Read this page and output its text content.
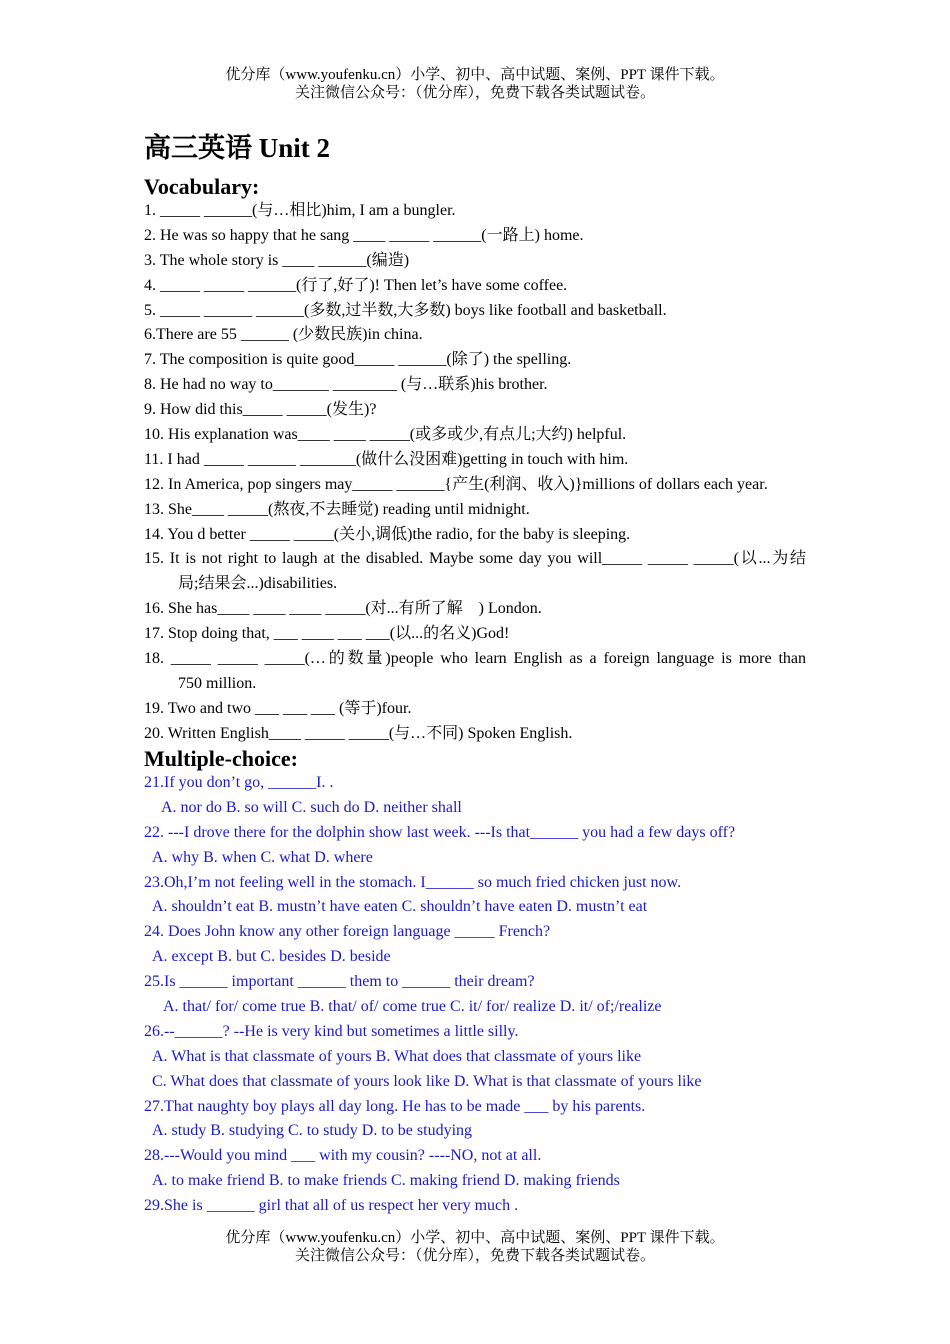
优分库（www.youfenku.cn）小学、初中、高中试题、案例、PPT 课件下载。
关注微信公众号：（优分库），免费下载各类试题试卷。
高三英语 Unit 2
Vocabulary:
1. _____ ______(与…相比)him, I am a bungler.
2. He was so happy that he sang ____ _____ ______(一路上) home.
3. The whole story is ____ ______(编造)
4. _____ _____ ______(行了,好了)! Then let’s have some coffee.
5. _____ ______ ______(多数,过半数,大多数) boys like football and basketball.
6.There are 55 ______ (少数民族)in china.
7. The composition is quite good_____ ______(除了) the spelling.
8. He had no way to_______ ________ (与…联系)his brother.
9. How did this_____ _____(发生)?
10. His explanation was____ ____ _____(或多或少,有点儿;大约) helpful.
11. I had _____ ______ _______(做什么没困难)getting in touch with him.
12. In America, pop singers may_____ ______{产生(利润、收入)}millions of dollars each year.
13. She____ _____(熬夜,不去睡觉) reading until midnight.
14. You d better _____ _____(关小,调低)the radio, for the baby is sleeping.
15. It is not right to laugh at the disabled. Maybe some day you will_____ _____ _____(以...为结
局;结果会...)disabilities.
16. She has____ ____ ____ _____(对...有所了解　) London.
17. Stop doing that, ___ ____ ___ ___(以...的名义)God!
18. _____ _____ _____(…的数量)people who learn English as a foreign language is more than
750 million.
19. Two and two ___ ___ ___ (等于)four.
20. Written English____ _____ _____(与…不同) Spoken English.
Multiple-choice:
21.If you don’t go, ______I. .
A. nor do B. so will C. such do D. neither shall
22. ---I drove there for the dolphin show last week. ---Is that______ you had a few days off?
A. why B. when C. what D. where
23.Oh,I’m not feeling well in the stomach. I______ so much fried chicken just now.
A. shouldn’t eat B. mustn’t have eaten C. shouldn’t have eaten D. mustn’t eat
24. Does John know any other foreign language _____ French?
A. except B. but C. besides D. beside
25.Is ______ important ______ them to ______ their dream?
A. that/ for/ come true B. that/ of/ come true C. it/ for/ realize D. it/ of;/realize
26.--______? --He is very kind but sometimes a little silly.
A. What is that classmate of yours B. What does that classmate of yours like
C. What does that classmate of yours look like D. What is that classmate of yours like
27.That naughty boy plays all day long. He has to be made ___ by his parents.
A. study B. studying C. to study D. to be studying
28.---Would you mind ___ with my cousin? ----NO, not at all.
A. to make friend B. to make friends C. making friend D. making friends
29.She is ______ girl that all of us respect her very much .
优分库（www.youfenku.cn）小学、初中、高中试题、案例、PPT 课件下载。
关注微信公众号：（优分库），免费下载各类试题试卷。
